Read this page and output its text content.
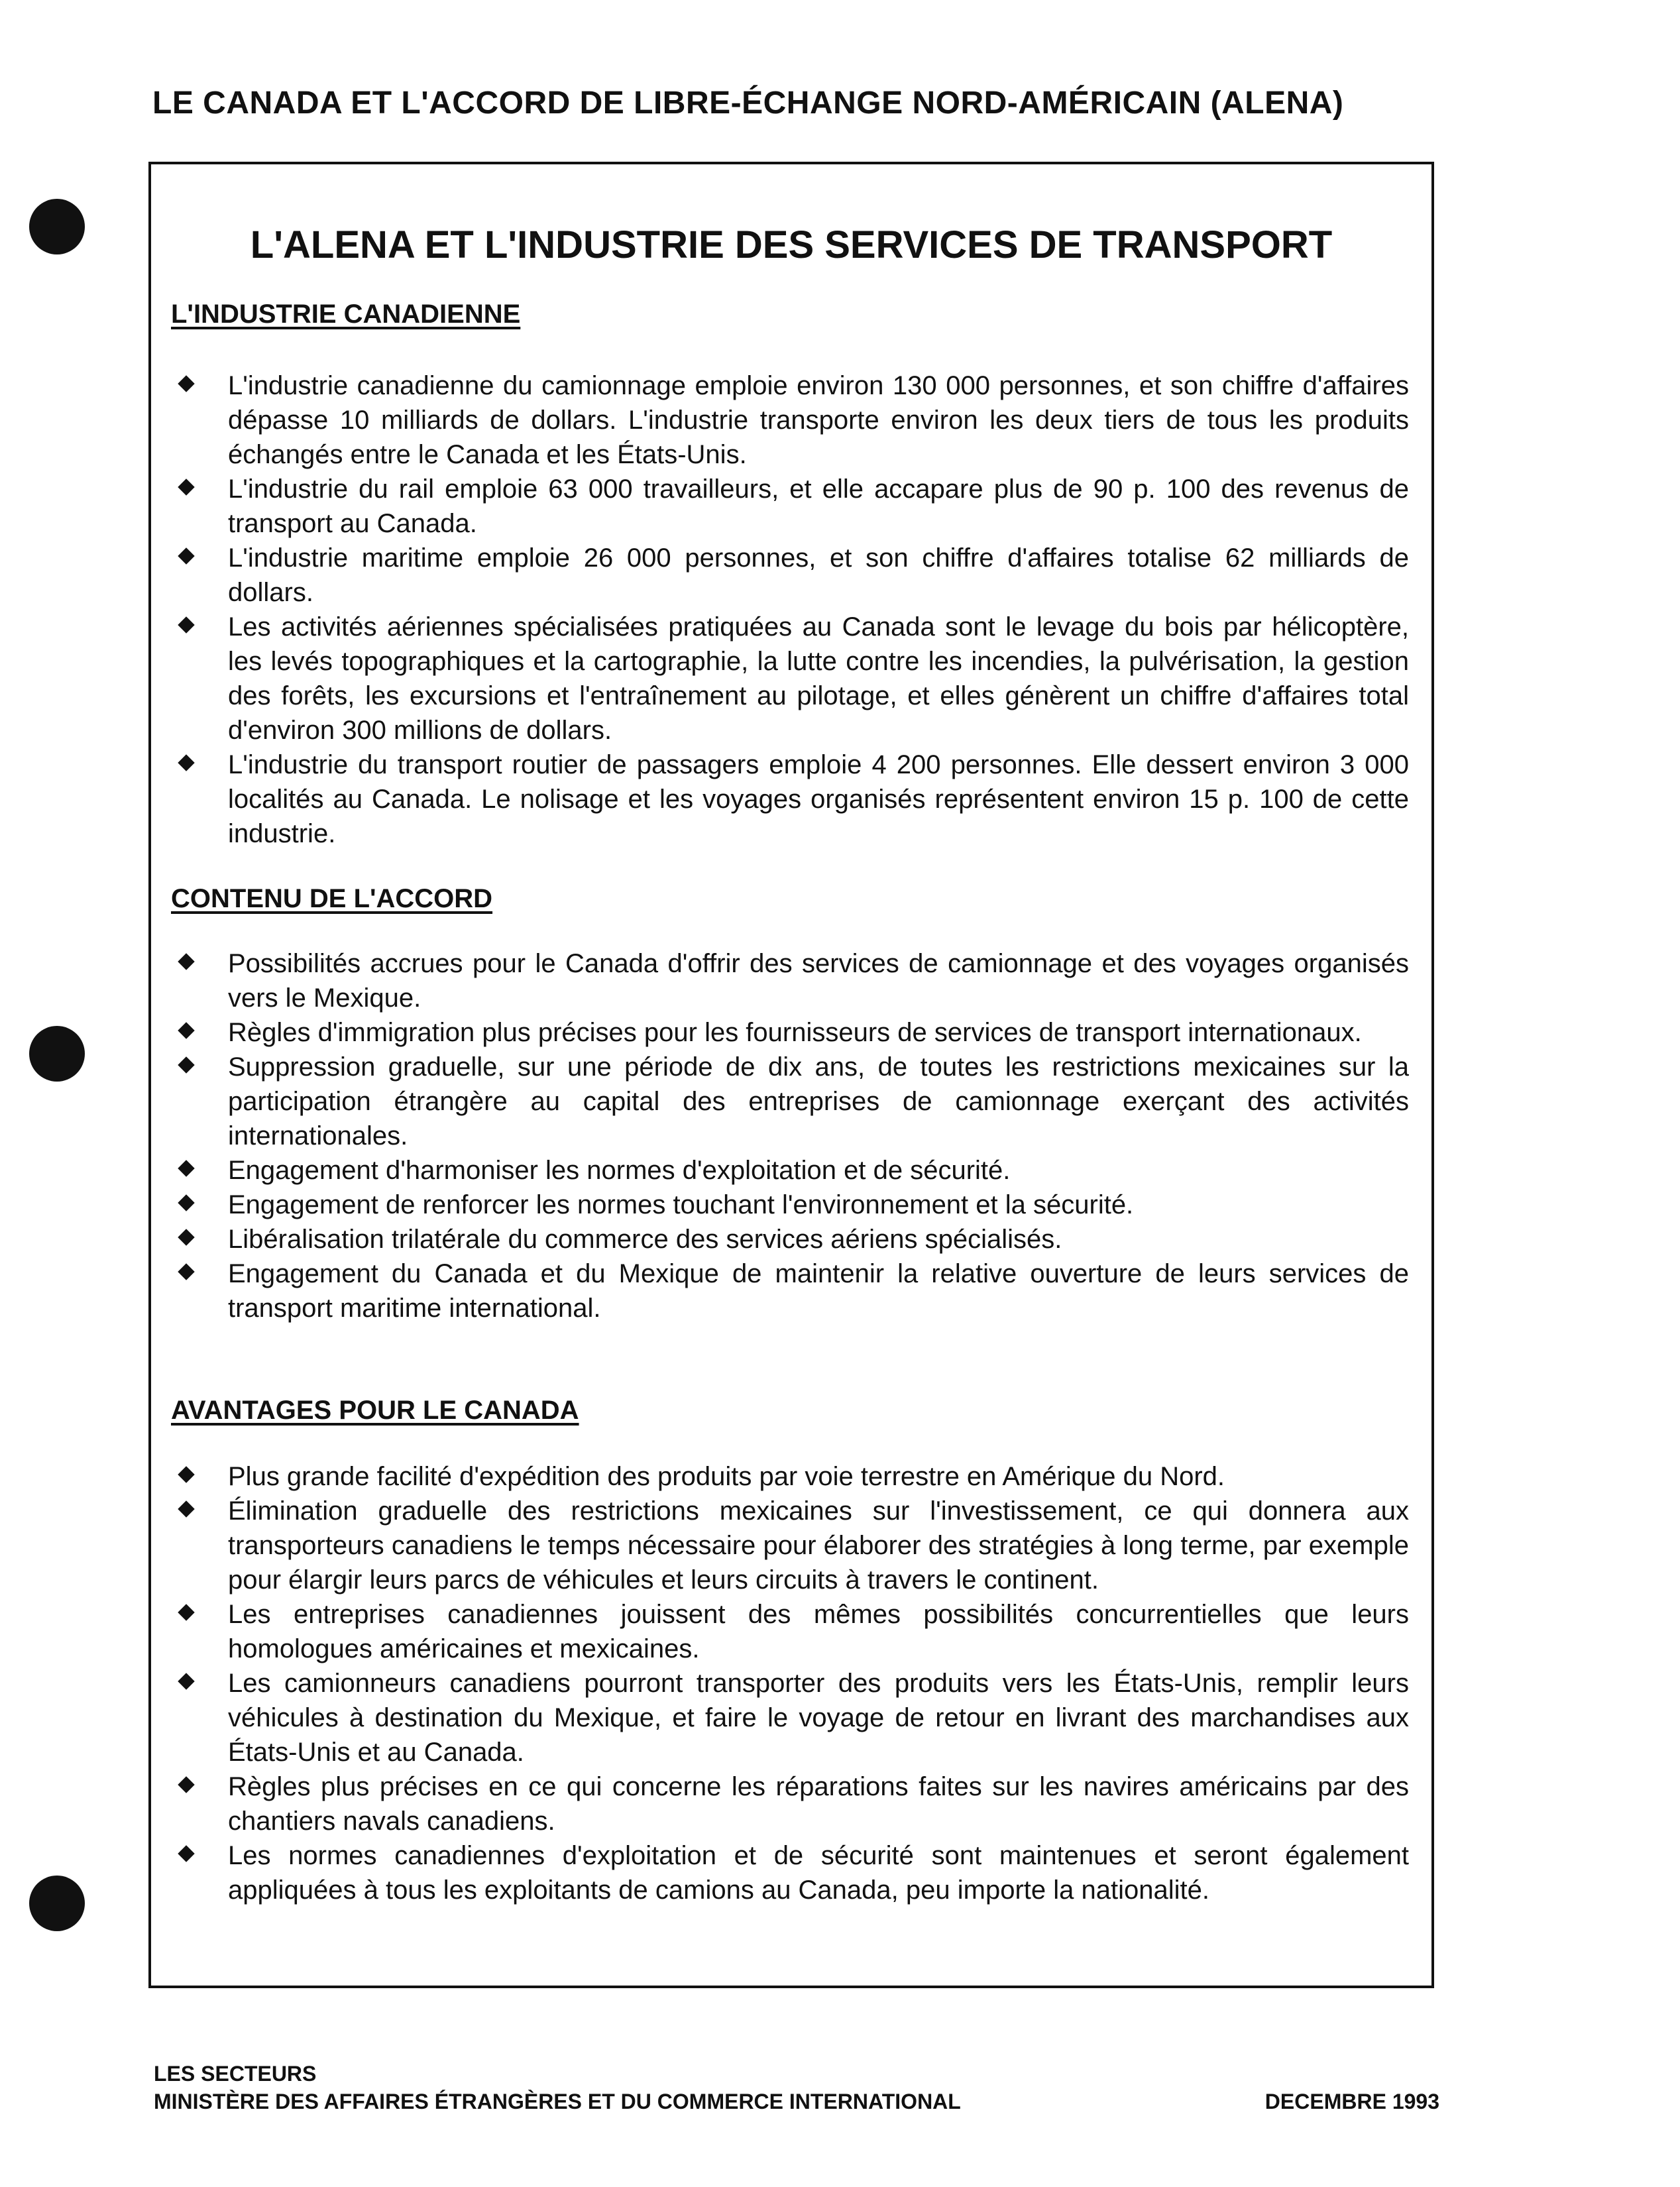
LE CANADA ET L'ACCORD DE LIBRE-ÉCHANGE NORD-AMÉRICAIN (ALENA)
L'ALENA ET L'INDUSTRIE DES SERVICES DE TRANSPORT
L'INDUSTRIE CANADIENNE
L'industrie canadienne du camionnage emploie environ 130 000 personnes, et son chiffre d'affaires dépasse 10 milliards de dollars. L'industrie transporte environ les deux tiers de tous les produits échangés entre le Canada et les États-Unis.
L'industrie du rail emploie 63 000 travailleurs, et elle accapare plus de 90 p. 100 des revenus de transport au Canada.
L'industrie maritime emploie 26 000 personnes, et son chiffre d'affaires totalise 62 milliards de dollars.
Les activités aériennes spécialisées pratiquées au Canada sont le levage du bois par hélicoptère, les levés topographiques et la cartographie, la lutte contre les incendies, la pulvérisation, la gestion des forêts, les excursions et l'entraînement au pilotage, et elles génèrent un chiffre d'affaires total d'environ 300 millions de dollars.
L'industrie du transport routier de passagers emploie 4 200 personnes. Elle dessert environ 3 000 localités au Canada. Le nolisage et les voyages organisés représentent environ 15 p. 100 de cette industrie.
CONTENU DE L'ACCORD
Possibilités accrues pour le Canada d'offrir des services de camionnage et des voyages organisés vers le Mexique.
Règles d'immigration plus précises pour les fournisseurs de services de transport internationaux.
Suppression graduelle, sur une période de dix ans, de toutes les restrictions mexicaines sur la participation étrangère au capital des entreprises de camionnage exerçant des activités internationales.
Engagement d'harmoniser les normes d'exploitation et de sécurité.
Engagement de renforcer les normes touchant l'environnement et la sécurité.
Libéralisation trilatérale du commerce des services aériens spécialisés.
Engagement du Canada et du Mexique de maintenir la relative ouverture de leurs services de transport maritime international.
AVANTAGES POUR LE CANADA
Plus grande facilité d'expédition des produits par voie terrestre en Amérique du Nord.
Élimination graduelle des restrictions mexicaines sur l'investissement, ce qui donnera aux transporteurs canadiens le temps nécessaire pour élaborer des stratégies à long terme, par exemple pour élargir leurs parcs de véhicules et leurs circuits à travers le continent.
Les entreprises canadiennes jouissent des mêmes possibilités concurrentielles que leurs homologues américaines et mexicaines.
Les camionneurs canadiens pourront transporter des produits vers les États-Unis, remplir leurs véhicules à destination du Mexique, et faire le voyage de retour en livrant des marchandises aux États-Unis et au Canada.
Règles plus précises en ce qui concerne les réparations faites sur les navires américains par des chantiers navals canadiens.
Les normes canadiennes d'exploitation et de sécurité sont maintenues et seront également appliquées à tous les exploitants de camions au Canada, peu importe la nationalité.
LES SECTEURS
MINISTÈRE DES AFFAIRES ÉTRANGÈRES ET DU COMMERCE INTERNATIONAL	DECEMBRE 1993
